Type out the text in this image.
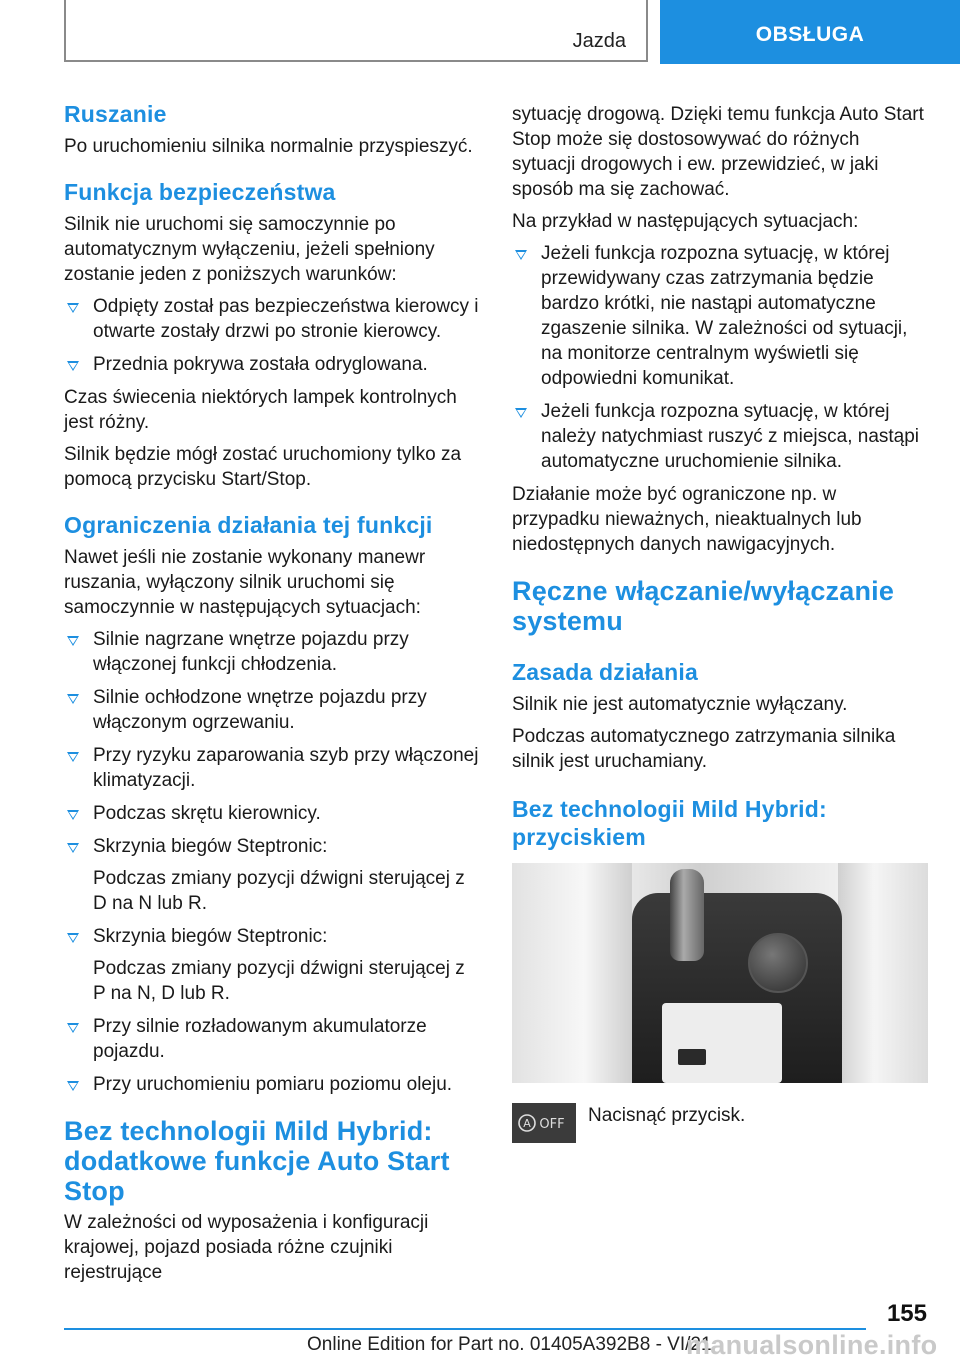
Jazda	OBSŁUGA
Ruszanie

Po uruchomieniu silnika normalnie przyspieszyć.

Funkcja bezpieczeństwa

Silnik nie uruchomi się samoczynnie po automatycznym wyłączeniu, jeżeli spełniony zostanie jeden z poniższych warunków:

Odpięty został pas bezpieczeństwa kierowcy i otwarte zostały drzwi po stronie kierowcy.
Przednia pokrywa została odryglowana.

Czas świecenia niektórych lampek kontrolnych jest różny.

Silnik będzie mógł zostać uruchomiony tylko za pomocą przycisku Start/Stop.

Ograniczenia działania tej funkcji

Nawet jeśli nie zostanie wykonany manewr ruszania, wyłączony silnik uruchomi się samoczynnie w następujących sytuacjach:

Silnie nagrzane wnętrze pojazdu przy włączonej funkcji chłodzenia.
Silnie ochłodzone wnętrze pojazdu przy włączonym ogrzewaniu.
Przy ryzyku zaparowania szyb przy włączonej klimatyzacji.
Podczas skrętu kierownicy.
Skrzynia biegów Steptronic:
Podczas zmiany pozycji dźwigni sterującej z D na N lub R.
Skrzynia biegów Steptronic:
Podczas zmiany pozycji dźwigni sterującej z P na N, D lub R.
Przy silnie rozładowanym akumulatorze pojazdu.
Przy uruchomieniu pomiaru poziomu oleju.
Bez technologii Mild Hybrid: dodatkowe funkcje Auto Start Stop

W zależności od wyposażenia i konfiguracji krajowej, pojazd posiada różne czujniki rejestrujące

sytuację drogową. Dzięki temu funkcja Auto Start Stop może się dostosowywać do różnych sytuacji drogowych i ew. przewidzieć, w jaki sposób ma się zachować.

Na przykład w następujących sytuacjach:

Jeżeli funkcja rozpozna sytuację, w której przewidywany czas zatrzymania będzie bardzo krótki, nie nastąpi automatyczne zgaszenie silnika. W zależności od sytuacji, na monitorze centralnym wyświetli się odpowiedni komunikat.
Jeżeli funkcja rozpozna sytuację, w której należy natychmiast ruszyć z miejsca, nastąpi automatyczne uruchomienie silnika.

Działanie może być ograniczone np. w przypadku nieważnych, nieaktualnych lub niedostępnych danych nawigacyjnych.

Ręczne włączanie/wyłączanie systemu
Zasada działania

Silnik nie jest automatycznie wyłączany.

Podczas automatycznego zatrzymania silnika silnik jest uruchamiany.

Bez technologii Mild Hybrid: przyciskiem
A OFF Nacisnąć przycisk.

155
Online Edition for Part no. 01405A392B8 - VI/21
manualsonline.info
